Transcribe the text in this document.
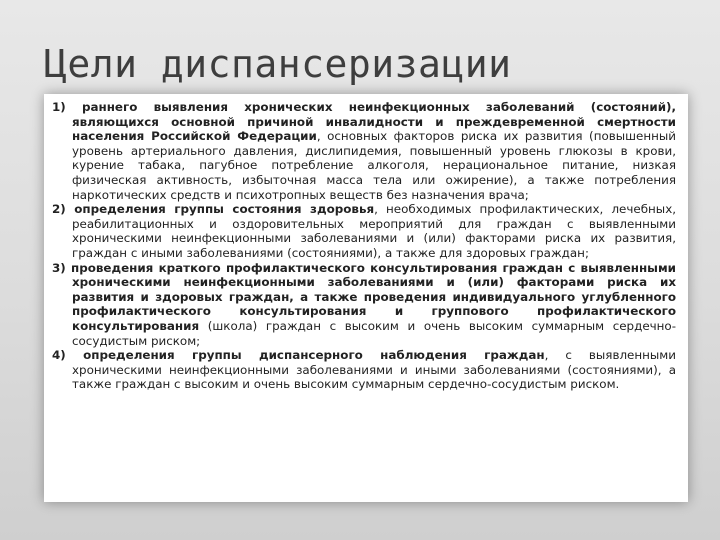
Цели диспансеризации

1) раннего выявления хронических неинфекционных заболеваний (состояний), являющихся основной причиной инвалидности и преждевременной смертности населения Российской Федерации, основных факторов риска их развития (повышенный уровень артериального давления, дислипидемия, повышенный уровень глюкозы в крови, курение табака, пагубное потребление алкоголя, нерациональное питание, низкая физическая активность, избыточная масса тела или ожирение), а также потребления наркотических средств и психотропных веществ без назначения врача;

2) определения группы состояния здоровья, необходимых профилактических, лечебных, реабилитационных и оздоровительных мероприятий для граждан с выявленными хроническими неинфекционными заболеваниями и (или) факторами риска их развития, граждан с иными заболеваниями (состояниями), а также для здоровых граждан;

3) проведения краткого профилактического консультирования граждан с выявленными хроническими неинфекционными заболеваниями и (или) факторами риска их развития и здоровых граждан, а также проведения индивидуального углубленного профилактического консультирования и группового профилактического консультирования (школа) граждан с высоким и очень высоким суммарным сердечно-сосудистым риском;

4) определения группы диспансерного наблюдения граждан, с выявленными хроническими неинфекционными заболеваниями и иными заболеваниями (состояниями), а также граждан с высоким и очень высоким суммарным сердечно-сосудистым риском.
